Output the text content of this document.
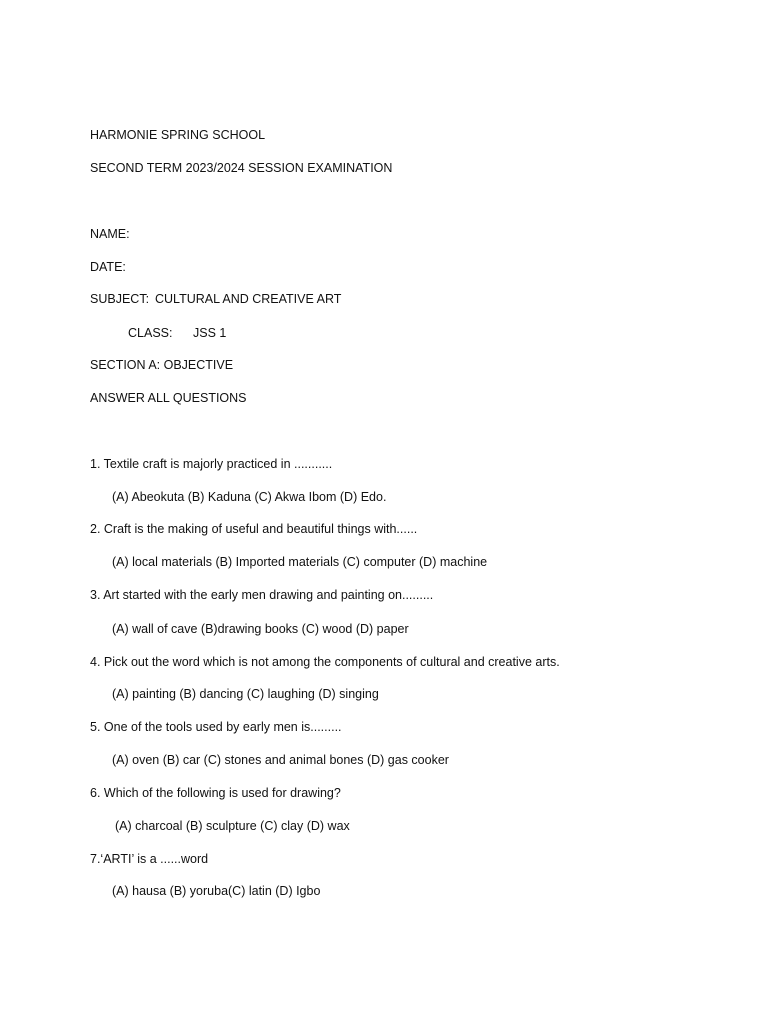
HARMONIE SPRING SCHOOL
SECOND TERM 2023/2024 SESSION EXAMINATION
NAME:
DATE:
SUBJECT: CULTURAL AND CREATIVE ART
CLASS: JSS 1
SECTION A: OBJECTIVE
ANSWER ALL QUESTIONS
1. Textile craft is majorly practiced in ...........
(A) Abeokuta (B) Kaduna (C) Akwa Ibom (D) Edo.
2. Craft is the making of useful and beautiful things with......
(A) local materials (B) Imported materials (C) computer (D) machine
3. Art started with the early men drawing and painting on.........
(A) wall of cave (B)drawing books (C) wood (D) paper
4. Pick out the word which is not among the components of cultural and creative arts.
(A) painting (B) dancing (C) laughing (D) singing
5. One of the tools used by early men is.........
(A) oven (B) car (C) stones and animal bones (D) gas cooker
6. Which of the following is used for drawing?
(A) charcoal (B) sculpture (C) clay (D) wax
7.‘ARTI’ is a ......word
(A) hausa (B) yoruba(C) latin (D) Igbo
